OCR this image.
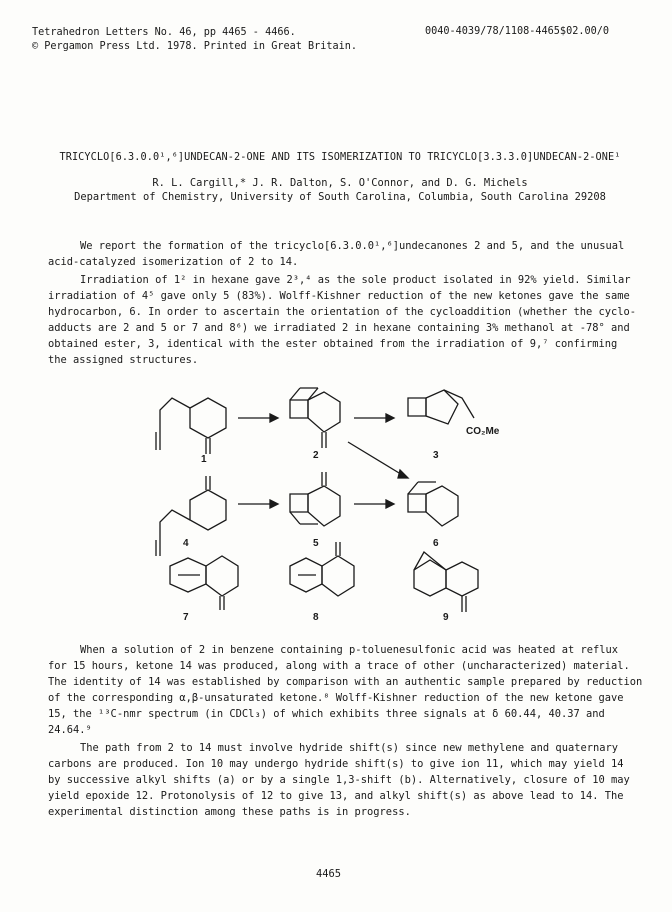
Tetrahedron Letters No. 46, pp 4465 - 4466.
© Pergamon Press Ltd. 1978. Printed in Great Britain.
0040-4039/78/1108-4465$02.00/0
TRICYCLO[6.3.0.0¹,⁶]UNDECAN-2-ONE AND ITS ISOMERIZATION TO TRICYCLO[3.3.3.0]UNDECAN-2-ONE¹
R. L. Cargill,* J. R. Dalton, S. O'Connor, and D. G. Michels
Department of Chemistry, University of South Carolina, Columbia, South Carolina 29208
We report the formation of the tricyclo[6.3.0.0¹,⁶]undecanones 2 and 5, and the unusual
acid-catalyzed isomerization of 2 to 14.
Irradiation of 1² in hexane gave 2³,⁴ as the sole product isolated in 92% yield. Similar
irradiation of 4⁵ gave only 5 (83%). Wolff-Kishner reduction of the new ketones gave the same
hydrocarbon, 6. In order to ascertain the orientation of the cycloaddition (whether the cyclo-
adducts are 2 and 5 or 7 and 8⁶) we irradiated 2 in hexane containing 3% methanol at -78° and
obtained ester, 3, identical with the ester obtained from the irradiation of 9,⁷ confirming
the assigned structures.
CO₂Me
1	2	3
4	5	6
7	8	9
When a solution of 2 in benzene containing p-toluenesulfonic acid was heated at reflux
for 15 hours, ketone 14 was produced, along with a trace of other (uncharacterized) material.
The identity of 14 was established by comparison with an authentic sample prepared by reduction
of the corresponding α,β-unsaturated ketone.⁸ Wolff-Kishner reduction of the new ketone gave
15, the ¹³C-nmr spectrum (in CDCl₃) of which exhibits three signals at δ 60.44, 40.37 and
24.64.⁹
The path from 2 to 14 must involve hydride shift(s) since new methylene and quaternary
carbons are produced. Ion 10 may undergo hydride shift(s) to give ion 11, which may yield 14
by successive alkyl shifts (a) or by a single 1,3-shift (b). Alternatively, closure of 10 may
yield epoxide 12. Protonolysis of 12 to give 13, and alkyl shift(s) as above lead to 14. The
experimental distinction among these paths is in progress.
4465
